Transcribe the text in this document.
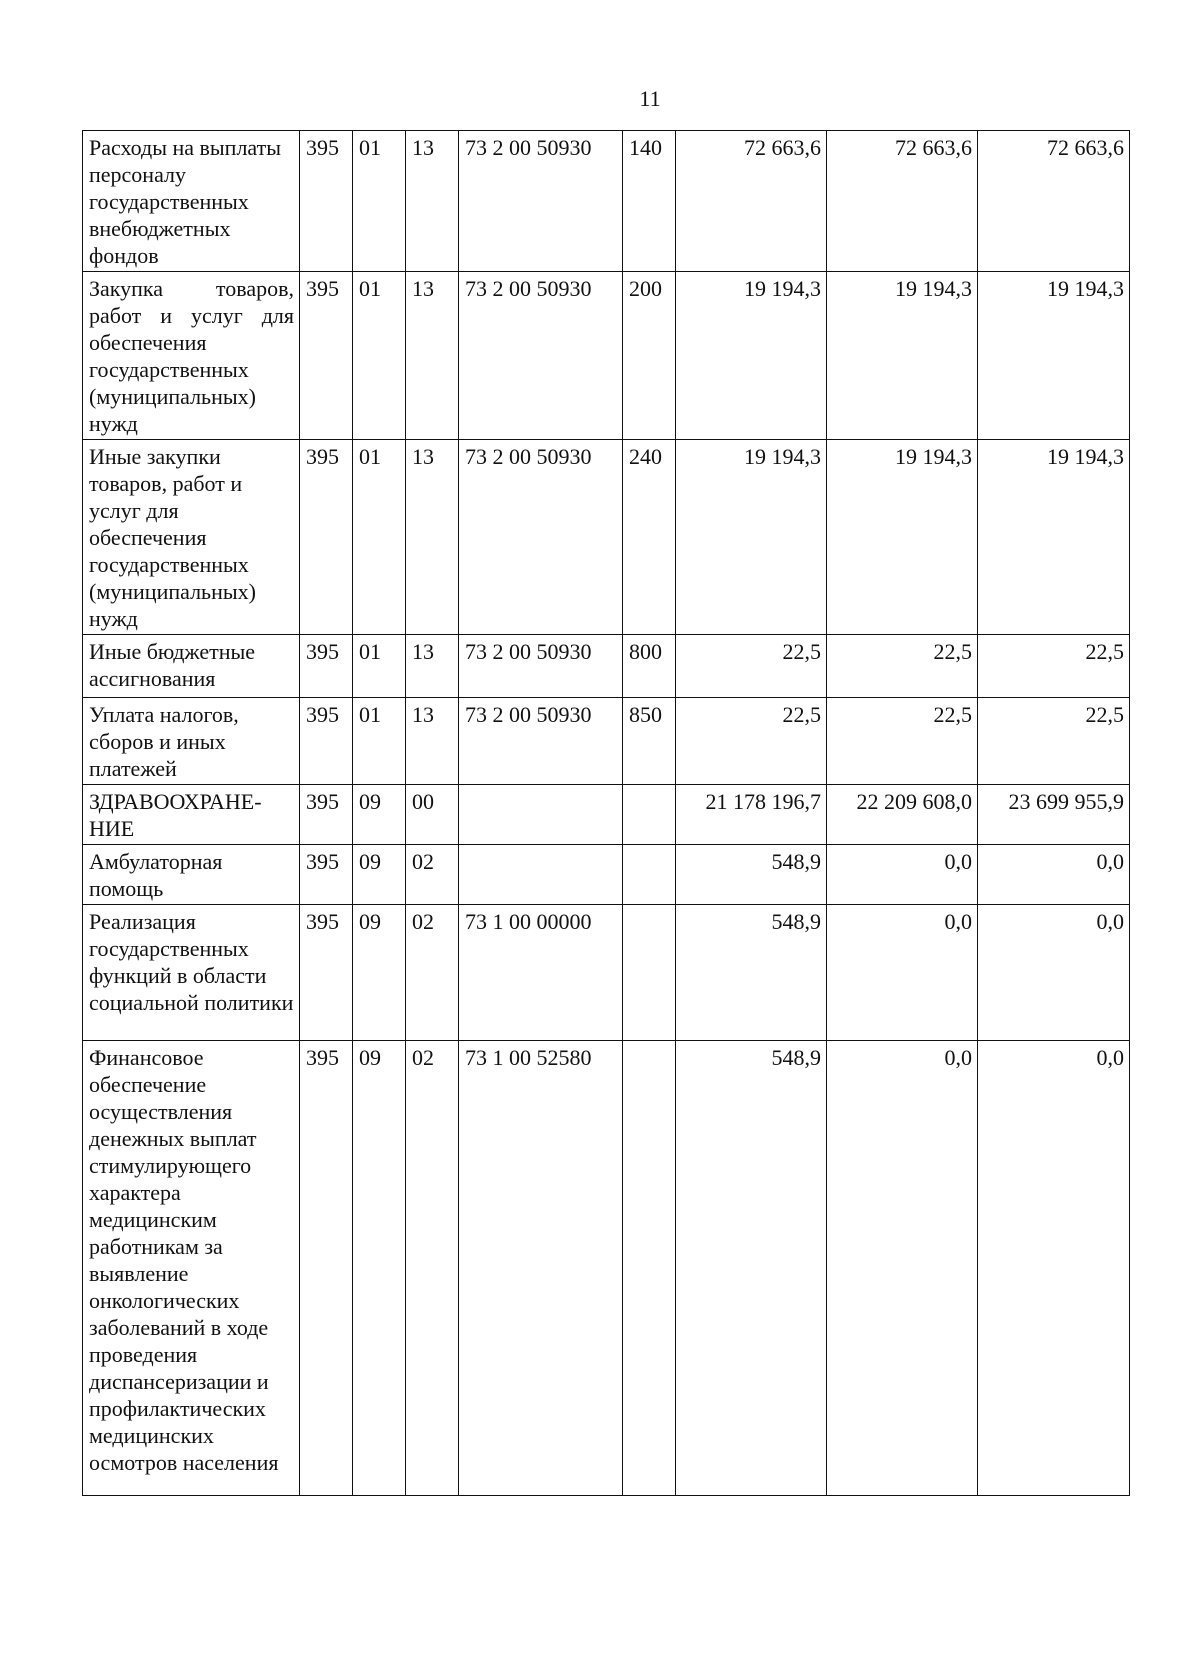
11
Расходы на выплаты персоналу государственных внебюджетных фондов	395	01	13	73 2 00 50930	140	72 663,6	72 663,6	72 663,6
Закупка товаров, работ и услуг для обеспечения государственных (муниципальных) нужд	395	01	13	73 2 00 50930	200	19 194,3	19 194,3	19 194,3
Иные закупки товаров, работ и услуг для обеспечения государственных (муниципальных) нужд	395	01	13	73 2 00 50930	240	19 194,3	19 194,3	19 194,3
Иные бюджетные ассигнования	395	01	13	73 2 00 50930	800	22,5	22,5	22,5
Уплата налогов, сборов и иных платежей	395	01	13	73 2 00 50930	850	22,5	22,5	22,5
ЗДРАВООХРАНЕ-НИЕ	395	09	00			21 178 196,7	22 209 608,0	23 699 955,9
Амбулаторная помощь	395	09	02			548,9	0,0	0,0
Реализация государственных функций в области социальной политики	395	09	02	73 1 00 00000		548,9	0,0	0,0
Финансовое обеспечение осуществления денежных выплат стимулирующего характера медицинским работникам за выявление онкологических заболеваний в ходе проведения диспансеризации и профилактических медицинских осмотров населения	395	09	02	73 1 00 52580		548,9	0,0	0,0
